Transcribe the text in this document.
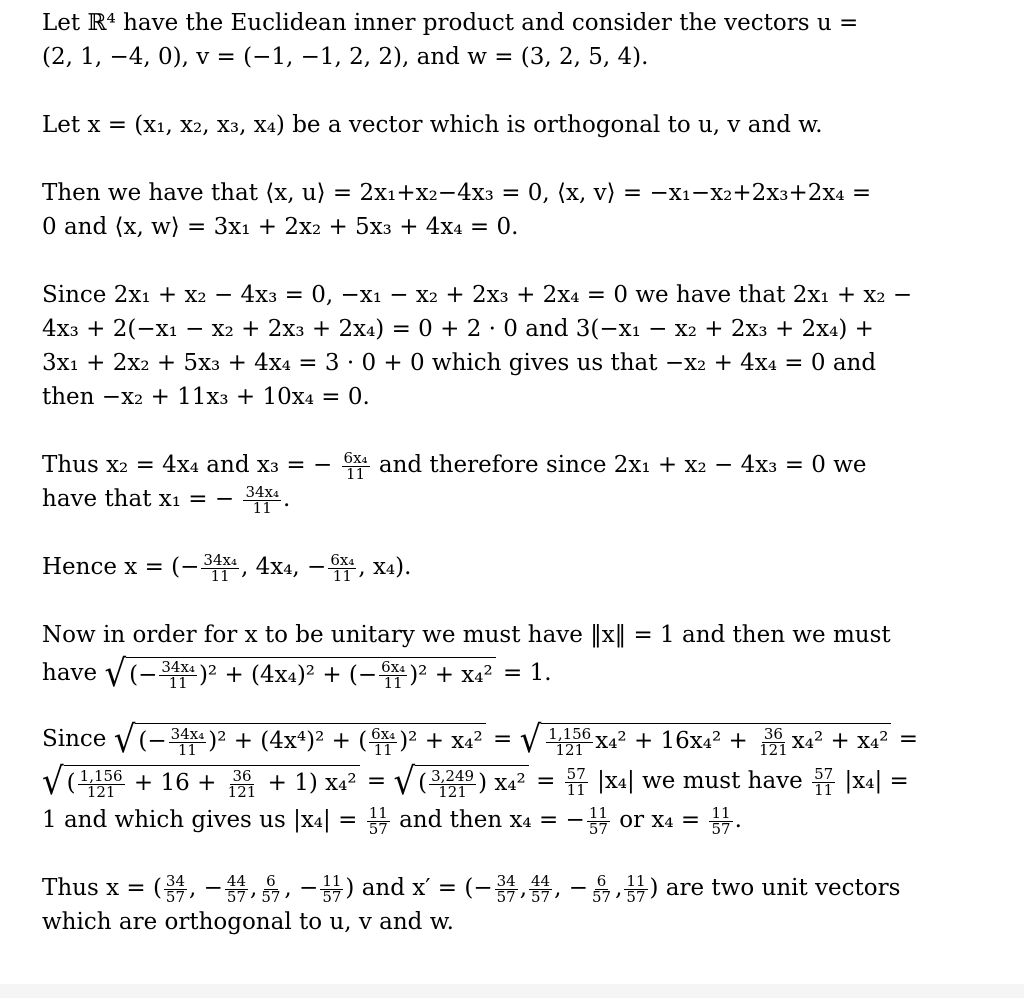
Let ℝ⁴ have the Euclidean inner product and consider the vectors u =
(2, 1, −4, 0), v = (−1, −1, 2, 2), and w = (3, 2, 5, 4).

Let x = (x₁, x₂, x₃, x₄) be a vector which is orthogonal to u, v and w.

Then we have that ⟨x, u⟩ = 2x₁+x₂−4x₃ = 0, ⟨x, v⟩ = −x₁−x₂+2x₃+2x₄ =
0 and ⟨x, w⟩ = 3x₁ + 2x₂ + 5x₃ + 4x₄ = 0.

Since 2x₁ + x₂ − 4x₃ = 0, −x₁ − x₂ + 2x₃ + 2x₄ = 0 we have that 2x₁ + x₂ −
4x₃ + 2(−x₁ − x₂ + 2x₃ + 2x₄) = 0 + 2 · 0 and 3(−x₁ − x₂ + 2x₃ + 2x₄) +
3x₁ + 2x₂ + 5x₃ + 4x₄ = 3 · 0 + 0 which gives us that −x₂ + 4x₄ = 0 and
then −x₂ + 11x₃ + 10x₄ = 0.

Thus x₂ = 4x₄ and x₃ = − $\frac{\text{6x₄}}{11}$ and therefore since 2x₁ + x₂ − 4x₃ = 0 we
have that x₁ = − $\frac{\text{34x₄}}{11}$ .

Hence x = (− $\frac{\text{34x₄}}{11}$ , 4x₄, − $\frac{\text{6x₄}}{11}$ , x₄).

Now in order for x to be unitary we must have ‖x‖ = 1 and then we must
have √ (− $\frac{\text{34x₄}}{11} )^2 + (4x_4)^2$ + (− $\frac{\text{6x₄}}{11} )^2 + x_4^2 = 1$.

Since √ (− $\frac{\text{34x₄}}{11} )^2 + (4x^4)^2$ + ( $\frac{\text{6x₄}}{11} )^2 + x_4^2$ = √ $\frac{1,156}{121} x_4^2 + 16x_4^2 + \frac{36}{121} x_4^2 + x_4^2$ =
√ ( $\frac{1,156}{121} + 16 + \frac{36}{121} + 1$) x₄² = √ ( $\frac{3,249}{121}$ ) $x_4^2 = \frac{57}{11} |x_4|$ we must have $\frac{57}{11} |x_4|$ =
1 and which gives us $|x_4| = \frac{11}{57}$ and then x₄ = − $\frac{11}{57}$ or $x_4 = \frac{11}{57}$ .

Thus x = ( $\frac{34}{57}$ , − $\frac{44}{57}$ , $\frac{6}{57}$ , − $\frac{11}{57}$ ) and x′ = (− $\frac{34}{57}$ , $\frac{44}{57}$ , − $\frac{6}{57}$ , $\frac{11}{57}$ ) are two unit vectors
which are orthogonal to u, v and w.
